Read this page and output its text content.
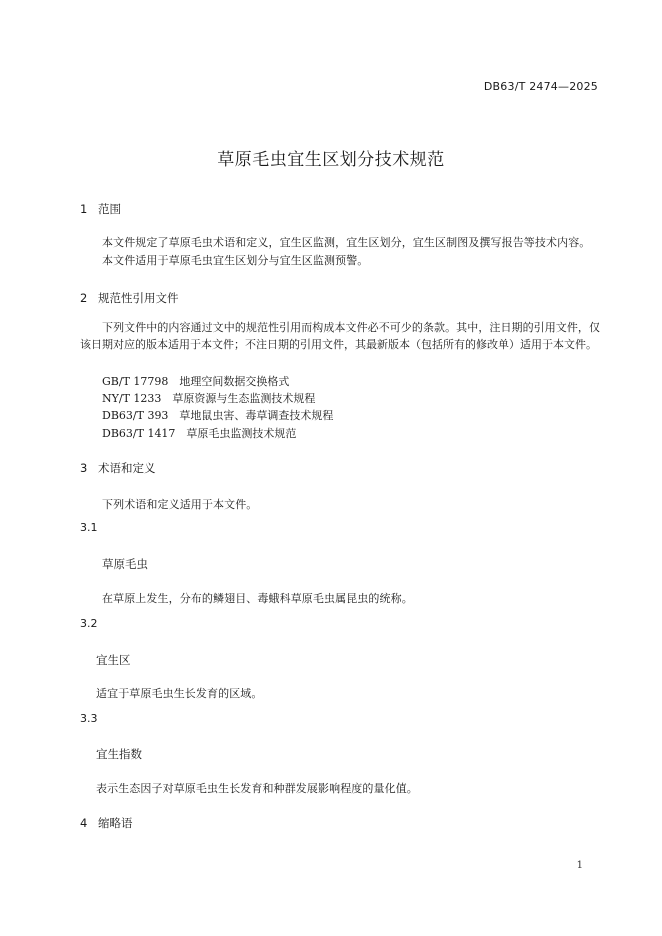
DB63/T 2474—2025
草原毛虫宜生区划分技术规范
1 范围
本文件规定了草原毛虫术语和定义，宜生区监测，宜生区划分，宜生区制图及撰写报告等技术内容。
本文件适用于草原毛虫宜生区划分与宜生区监测预警。
2 规范性引用文件
下列文件中的内容通过文中的规范性引用而构成本文件必不可少的条款。其中，注日期的引用文件，仅该日期对应的版本适用于本文件；不注日期的引用文件，其最新版本（包括所有的修改单）适用于本文件。
GB/T 17798　地理空间数据交换格式
NY/T 1233　草原资源与生态监测技术规程
DB63/T 393　草地鼠虫害、毒草调查技术规程
DB63/T 1417　草原毛虫监测技术规范
3 术语和定义
下列术语和定义适用于本文件。
3.1
草原毛虫
在草原上发生，分布的鳞翅目、毒蛾科草原毛虫属昆虫的统称。
3.2
宜生区
适宜于草原毛虫生长发育的区域。
3.3
宜生指数
表示生态因子对草原毛虫生长发育和种群发展影响程度的量化值。
4 缩略语
1
